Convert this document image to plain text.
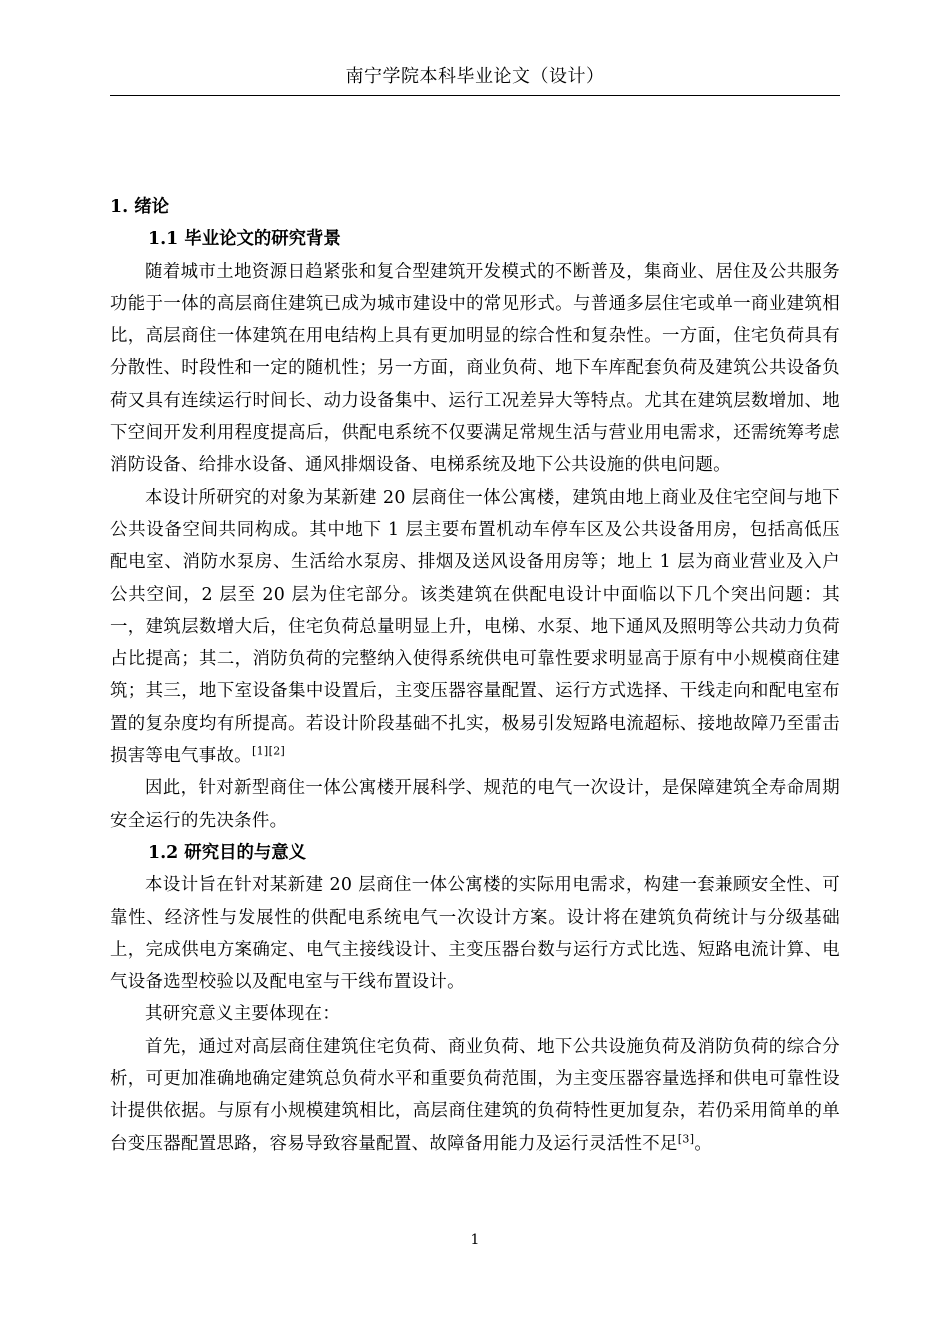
南宁学院本科毕业论文（设计）

1. 绪论

1.1 毕业论文的研究背景

随着城市土地资源日趋紧张和复合型建筑开发模式的不断普及，集商业、居住及公共服务功能于一体的高层商住建筑已成为城市建设中的常见形式。与普通多层住宅或单一商业建筑相比，高层商住一体建筑在用电结构上具有更加明显的综合性和复杂性。一方面，住宅负荷具有分散性、时段性和一定的随机性；另一方面，商业负荷、地下车库配套负荷及建筑公共设备负荷又具有连续运行时间长、动力设备集中、运行工况差异大等特点。尤其在建筑层数增加、地下空间开发利用程度提高后，供配电系统不仅要满足常规生活与营业用电需求，还需统筹考虑消防设备、给排水设备、通风排烟设备、电梯系统及地下公共设施的供电问题。

本设计所研究的对象为某新建 20 层商住一体公寓楼，建筑由地上商业及住宅空间与地下公共设备空间共同构成。其中地下 1 层主要布置机动车停车区及公共设备用房，包括高低压配电室、消防水泵房、生活给水泵房、排烟及送风设备用房等；地上 1 层为商业营业及入户公共空间，2 层至 20 层为住宅部分。该类建筑在供配电设计中面临以下几个突出问题：其一，建筑层数增大后，住宅负荷总量明显上升，电梯、水泵、地下通风及照明等公共动力负荷占比提高；其二，消防负荷的完整纳入使得系统供电可靠性要求明显高于原有中小规模商住建筑；其三，地下室设备集中设置后，主变压器容量配置、运行方式选择、干线走向和配电室布置的复杂度均有所提高。若设计阶段基础不扎实，极易引发短路电流超标、接地故障乃至雷击损害等电气事故。[1][2]

因此，针对新型商住一体公寓楼开展科学、规范的电气一次设计，是保障建筑全寿命周期安全运行的先决条件。

1.2 研究目的与意义

本设计旨在针对某新建 20 层商住一体公寓楼的实际用电需求，构建一套兼顾安全性、可靠性、经济性与发展性的供配电系统电气一次设计方案。设计将在建筑负荷统计与分级基础上，完成供电方案确定、电气主接线设计、主变压器台数与运行方式比选、短路电流计算、电气设备选型校验以及配电室与干线布置设计。

其研究意义主要体现在：

首先，通过对高层商住建筑住宅负荷、商业负荷、地下公共设施负荷及消防负荷的综合分析，可更加准确地确定建筑总负荷水平和重要负荷范围，为主变压器容量选择和供电可靠性设计提供依据。与原有小规模建筑相比，高层商住建筑的负荷特性更加复杂，若仍采用简单的单台变压器配置思路，容易导致容量配置、故障备用能力及运行灵活性不足[3]。

1
